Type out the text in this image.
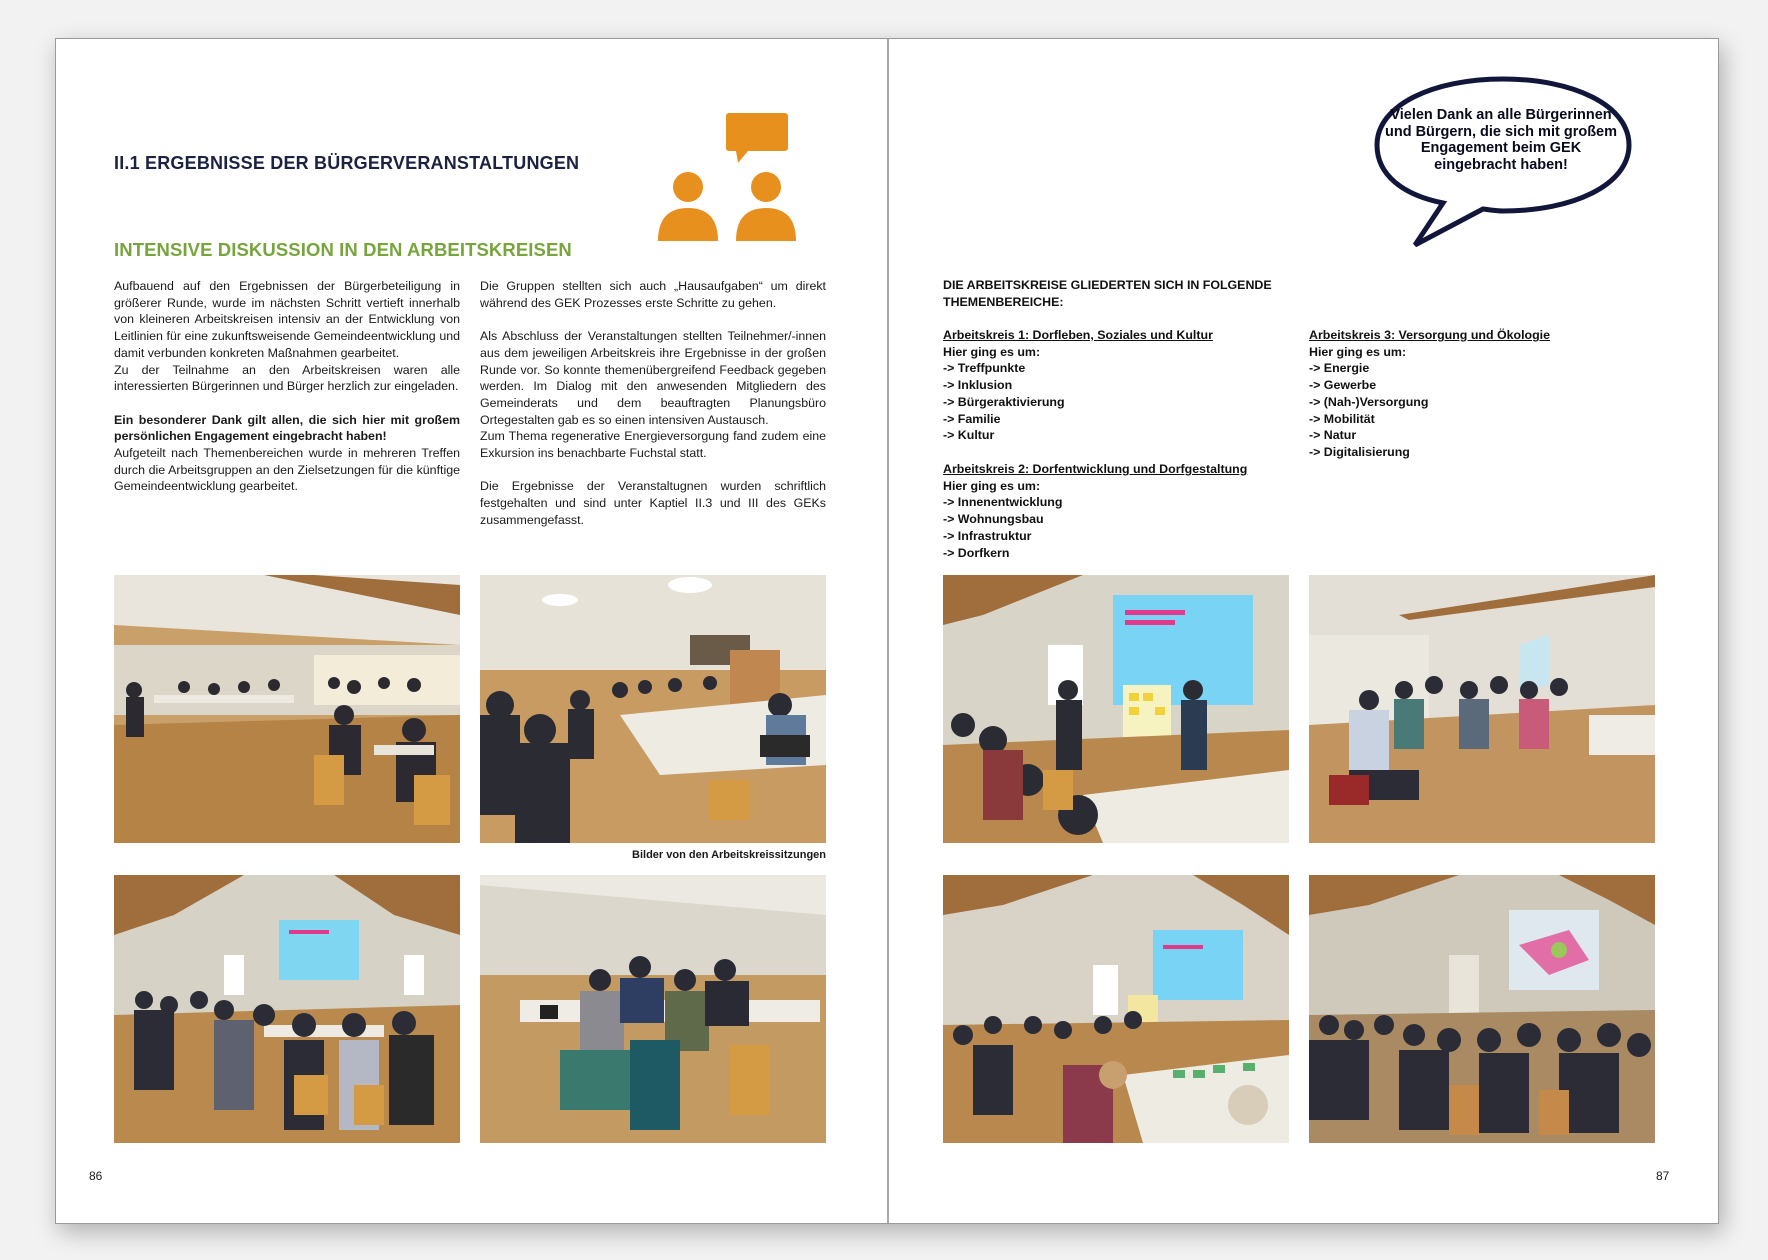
II.1 ERGEBNISSE DER BÜRGERVERANSTALTUNGEN
INTENSIVE DISKUSSION IN DEN ARBEITSKREISEN

Aufbauend auf den Ergebnissen der Bürgerbeteiligung in größerer Runde, wurde im nächsten Schritt vertieft innerhalb von kleineren Arbeitskreisen intensiv an der Entwicklung von Leitlinien für eine zukunftsweisende Gemeindeentwicklung und damit verbunden konkreten Maßnahmen gearbeitet.

Zu der Teilnahme an den Arbeitskreisen waren alle interessierten Bürgerinnen und Bürger herzlich zur eingeladen.

Ein besonderer Dank gilt allen, die sich hier mit großem persönlichen Engagement eingebracht haben!

Aufgeteilt nach Themenbereichen wurde in mehreren Treffen durch die Arbeitsgruppen an den Zielsetzungen für die künftige Gemeindeentwicklung gearbeitet.

Die Gruppen stellten sich auch „Hausaufgaben“ um direkt während des GEK Prozesses erste Schritte zu gehen.

Als Abschluss der Veranstaltungen stellten Teilnehmer/-innen aus dem jeweiligen Arbeitskreis ihre Ergebnisse in der großen Runde vor. So konnte themenübergreifend Feedback gegeben werden. Im Dialog mit den anwesenden Mitgliedern des Gemeinderats und dem beauftragten Planungsbüro Ortegestalten gab es so einen intensiven Austausch.

Zum Thema regenerative Energieversorgung fand zudem eine Exkursion ins benachbarte Fuchstal statt.

Die Ergebnisse der Veranstaltugnen wurden schriftlich festgehalten und sind unter Kaptiel II.3 und III des GEKs zusammengefasst.

Bilder von den Arbeitskreissitzungen
86
Vielen Dank an alle Bürgerinnen und Bürgern, die sich mit großem Engagement beim GEK eingebracht haben!
DIE ARBEITSKREISE GLIEDERTEN SICH IN FOLGENDE THEMENBEREICHE:
Arbeitskreis 1: Dorfleben, Soziales und Kultur
Hier ging es um:
-> Treffpunkte
-> Inklusion
-> Bürgeraktivierung
-> Familie
-> Kultur
Arbeitskreis 2: Dorfentwicklung und Dorfgestaltung
Hier ging es um:
-> Innenentwicklung
-> Wohnungsbau
-> Infrastruktur
-> Dorfkern
Arbeitskreis 3: Versorgung und Ökologie
Hier ging es um:
-> Energie
-> Gewerbe
-> (Nah-)Versorgung
-> Mobilität
-> Natur
-> Digitalisierung
87
